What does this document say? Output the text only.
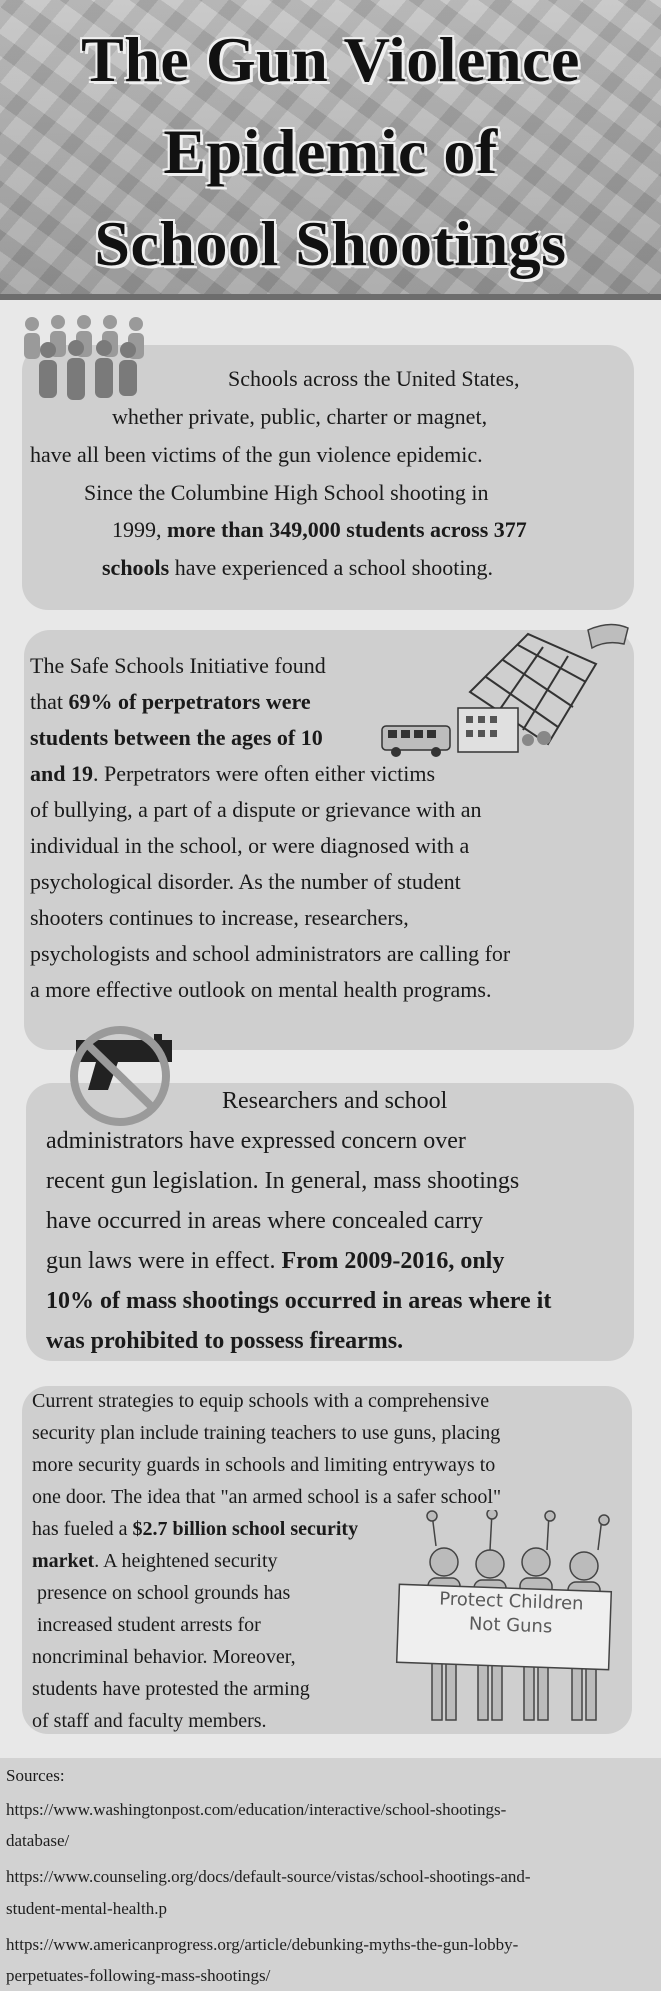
The Gun Violence
Epidemic of
School Shootings

Schools across the United States,

whether private, public, charter or magnet,

have all been victims of the gun violence epidemic.

Since the Columbine High School shooting in

1999, more than 349,000 students across 377

schools have experienced a school shooting.

The Safe Schools Initiative found

that 69% of perpetrators were

students between the ages of 10

and 19. Perpetrators were often either victims

of bullying, a part of a dispute or grievance with an

individual in the school, or were diagnosed with a

psychological disorder. As the number of student

shooters continues to increase, researchers,

psychologists and school administrators are calling for

a more effective outlook on mental health programs.

Researchers and school

administrators have expressed concern over

recent gun legislation. In general, mass shootings

have occurred in areas where concealed carry

gun laws were in effect. From 2009-2016, only

10% of mass shootings occurred in areas where it

was prohibited to possess firearms.

Protect Children
Not Guns

Current strategies to equip schools with a comprehensive

security plan include training teachers to use guns, placing

more security guards in schools and limiting entryways to

one door. The idea that "an armed school is a safer school"

has fueled a $2.7 billion school security

market. A heightened security

presence on school grounds has

increased student arrests for

noncriminal behavior. Moreover,

students have protested the arming

of staff and faculty members.

Sources:
https://www.washingtonpost.com/education/interactive/school-shootings-
database/
https://www.counseling.org/docs/default-source/vistas/school-shootings-and-
student-mental-health.p
https://www.americanprogress.org/article/debunking-myths-the-gun-lobby-
perpetuates-following-mass-shootings/
